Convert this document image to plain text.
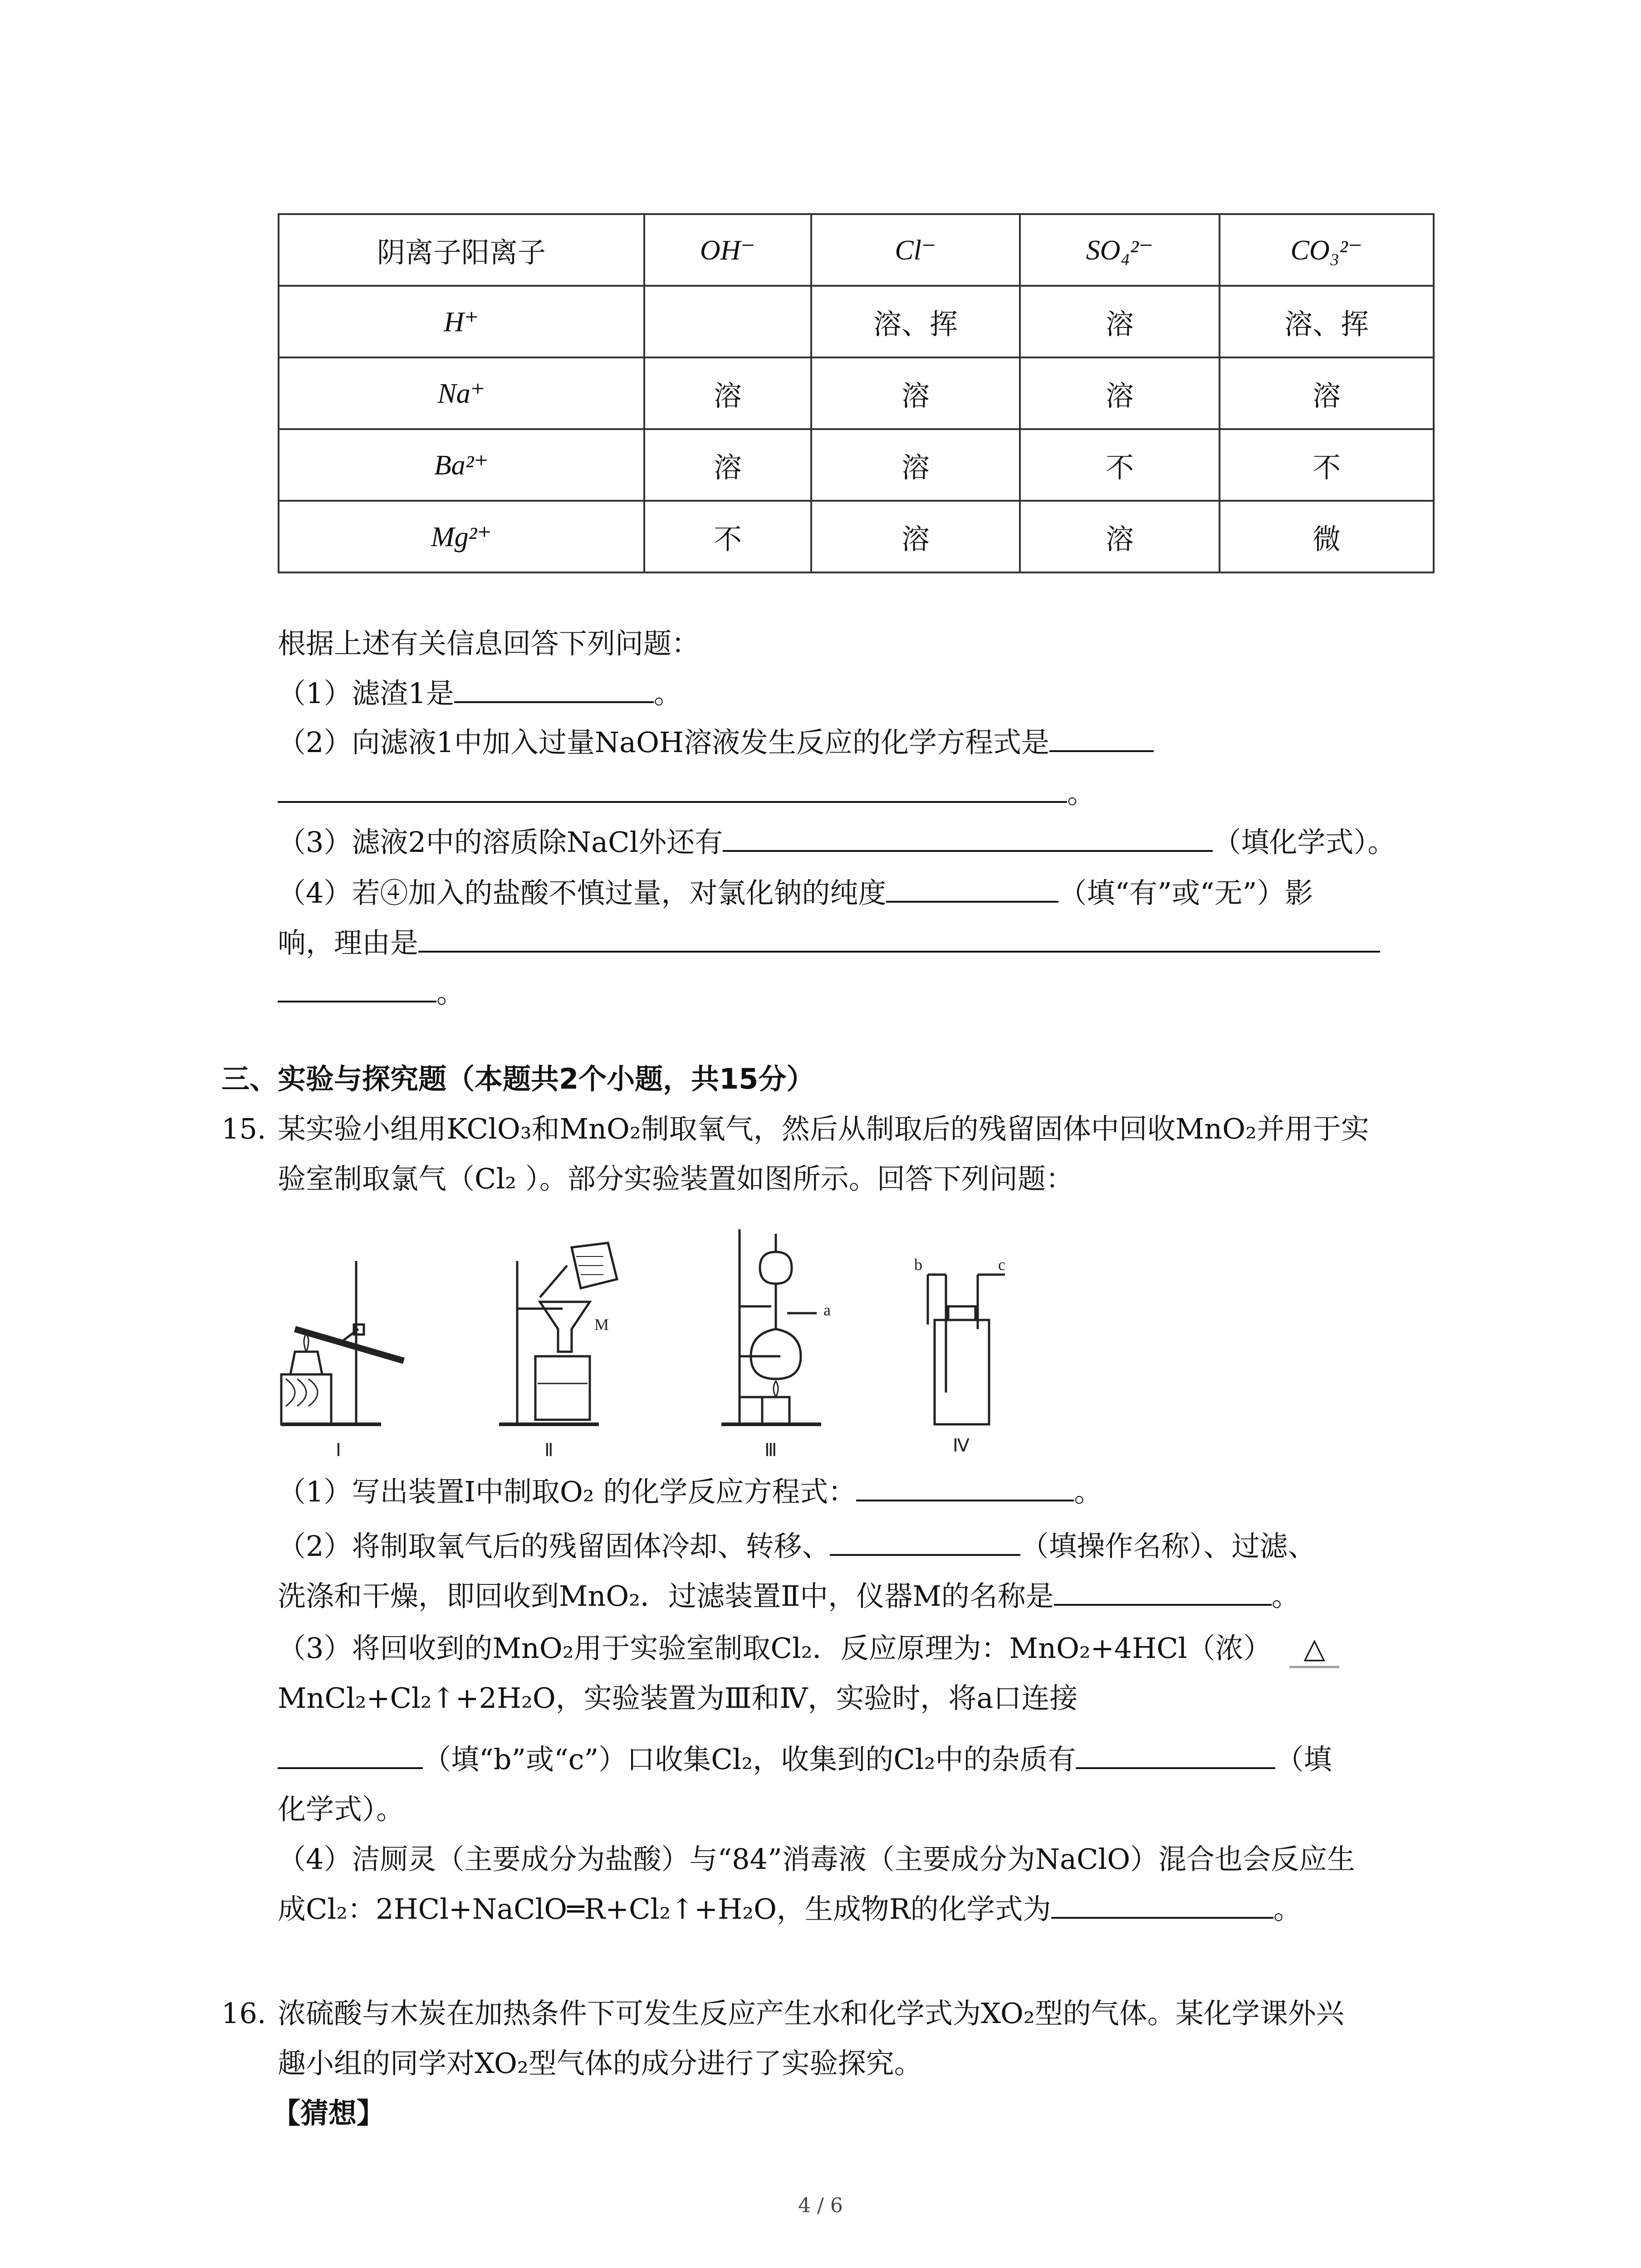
阴离子阳离子	OH⁻	Cl⁻	SO₄²⁻	CO₃²⁻
H⁺		溶、挥	溶	溶、挥
Na⁺	溶	溶	溶	溶
Ba²⁺	溶	溶	不	不
Mg²⁺	不	溶	溶	微
根据上述有关信息回答下列问题：
（1）滤渣1是	。
（2）向滤液1中加入过量NaOH溶液发生反应的化学方程式是
。
（3）滤液2中的溶质除NaCl外还有	（填化学式）。
（4）若④加入的盐酸不慎过量，对氯化钠的纯度	（填“有”或“无”）影
响，理由是
。
三、实验与探究题（本题共2个小题，共15分）
15. 某实验小组用KClO₃和MnO₂制取氧气，然后从制取后的残留固体中回收MnO₂并用于实
验室制取氯气（Cl₂ ）。部分实验装置如图所示。回答下列问题：
M
a
b	c
Ⅰ	Ⅱ	Ⅲ	Ⅳ
（1）写出装置Ⅰ中制取O₂ 的化学反应方程式：	。
（2）将制取氧气后的残留固体冷却、转移、	（填操作名称）、过滤、
洗涤和干燥，即回收到MnO₂．过滤装置Ⅱ中，仪器M的名称是	。
（3）将回收到的MnO₂用于实验室制取Cl₂．反应原理为：MnO₂+4HCl（浓） △
MnCl₂+Cl₂↑+2H₂O，实验装置为Ⅲ和Ⅳ，实验时，将a口连接
（填“b”或“c”）口收集Cl₂，收集到的Cl₂中的杂质有	（填
化学式）。
（4）洁厕灵（主要成分为盐酸）与“84”消毒液（主要成分为NaClO）混合也会反应生
成Cl₂：2HCl+NaClO═R+Cl₂↑+H₂O，生成物R的化学式为	。
16. 浓硫酸与木炭在加热条件下可发生反应产生水和化学式为XO₂型的气体。某化学课外兴
趣小组的同学对XO₂型气体的成分进行了实验探究。
【猜想】
4 / 6
